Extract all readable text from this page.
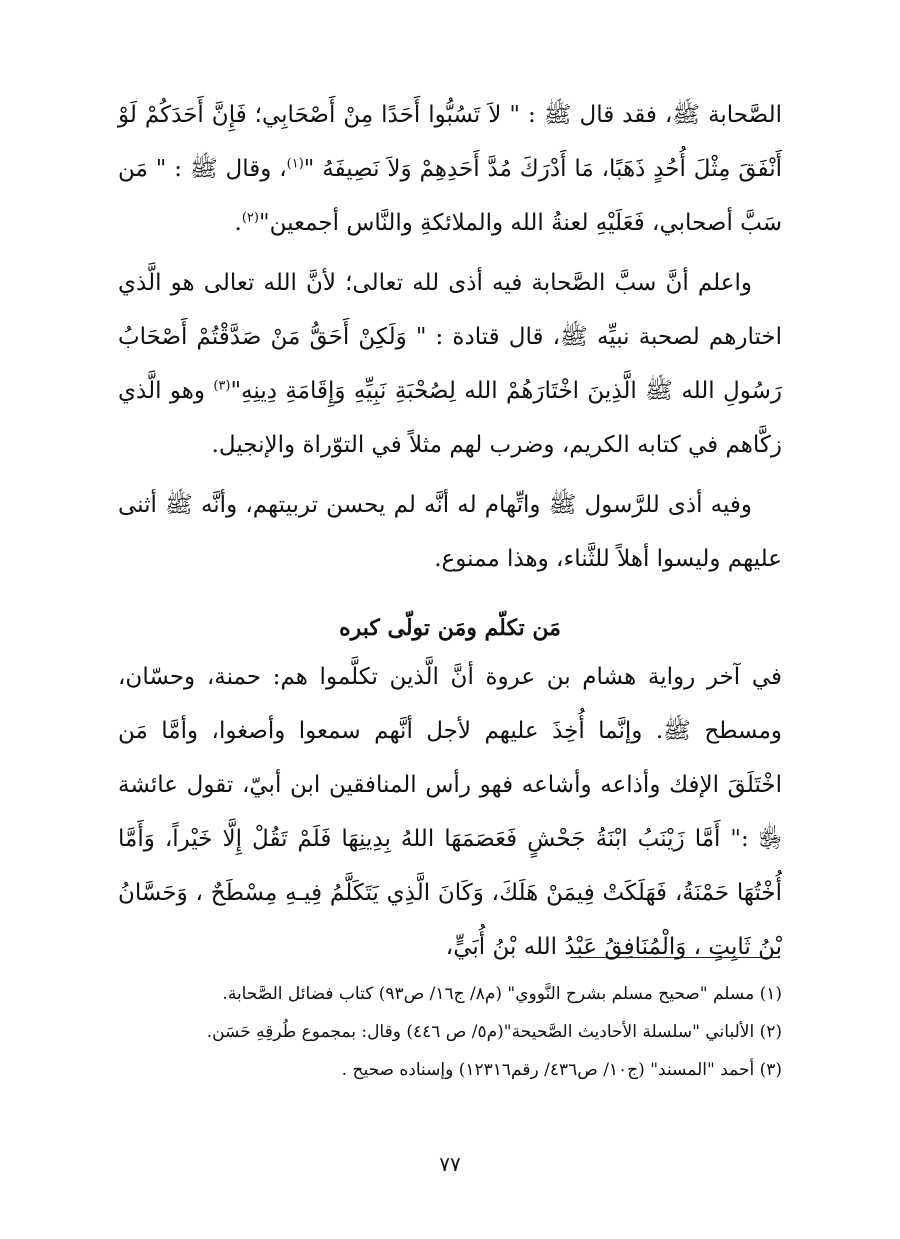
الصَّحابة ﷺ، فقد قال ﷺ : " لاَ تَسُبُّوا أَحَدًا مِنْ أَصْحَابِي؛ فَإِنَّ أَحَدَكُمْ لَوْ أَنْفَقَ مِثْلَ أُحُدٍ ذَهَبًا، مَا أَدْرَكَ مُدَّ أَحَدِهِمْ وَلاَ نَصِيفَهُ "$^{(١)}$، وقال ﷺ : " مَن سَبَّ أصحابي، فَعَلَيْهِ لعنةُ الله والملائكةِ والنَّاس أجمعين"$^{(٢)}$.

واعلم أنَّ سبَّ الصَّحابة فيه أذى لله تعالى؛ لأنَّ الله تعالى هو الَّذي اختارهم لصحبة نبيِّه ﷺ، قال قتادة : " وَلَكِنْ أَحَقُّ مَنْ صَدَّقْتُمْ أَصْحَابُ رَسُولِ الله ﷺ الَّذِينَ اخْتَارَهُمْ الله لِصُحْبَةِ نَبِيِّهِ وَإِقَامَةِ دِينِهِ"$^{(٣)}$ وهو الَّذي زكَّاهم في كتابه الكريم، وضرب لهم مثلاً في التوّراة والإنجيل.

وفيه أذى للرَّسول ﷺ واتِّهام له أنَّه لم يحسن تربيتهم، وأنَّه ﷺ أثنى عليهم وليسوا أهلاً للثَّناء، وهذا ممنوع.

مَن تكلّم ومَن تولّى كبره

في آخر رواية هشام بن عروة أنَّ الَّذين تكلَّموا هم: حمنة، وحسّان، ومسطح ﷺ. وإنَّما أُخِذَ عليهم لأجل أنَّهم سمعوا وأصغوا، وأمَّا مَن اخْتَلَقَ الإفك وأذاعه وأشاعه فهو رأس المنافقين ابن أبيّ، تقول عائشة ﵂ :" أَمَّا زَيْنَبُ ابْنَةُ جَحْشٍ فَعَصَمَهَا اللهُ بِدِينِهَا فَلَمْ تَقُلْ إِلَّا خَيْراً، وَأَمَّا أُخْتُهَا حَمْنَةُ، فَهَلَكَتْ فِيمَنْ هَلَكَ، وَكَانَ الَّذِي يَتَكَلَّمُ فِيـهِ مِسْطَحٌ ، وَحَسَّانُ بْنُ ثَابِتٍ ، وَالْمُنَافِقُ عَبْدُ الله بْنُ أُبَيٍّ،

(١) مسلم "صحيح مسلم بشرح النَّووي" (م٨/ ج١٦/ ص٩٣) كتاب فضائل الصَّحابة.
(٢) الألباني "سلسلة الأحاديث الصَّحيحة"(م٥/ ص ٤٤٦) وقال: بمجموع طُرقِهِ حَسَن.
(٣) أحمد "المسند" (ج١٠/ ص٤٣٦/ رقم١٢٣١٦) وإسناده صحيح .
٧٧
